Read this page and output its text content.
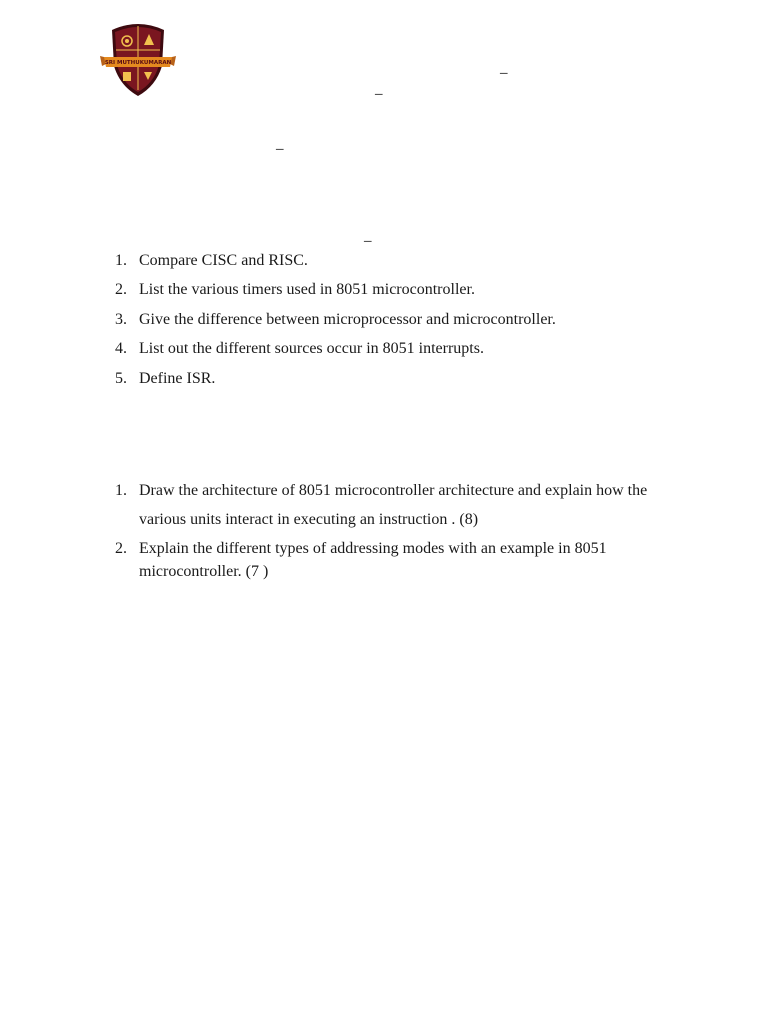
SRI MUTHUKUMARAN
–
–
–
–
1. Compare CISC and RISC.
2. List the various timers used in 8051 microcontroller.
3. Give the difference between microprocessor and microcontroller.
4. List out the different sources occur in 8051 interrupts.
5. Define ISR.
1. Draw the architecture of 8051 microcontroller architecture and explain how the various units interact in executing an instruction . (8)
2. Explain the different types of addressing modes with an example in 8051 microcontroller. (7 )
